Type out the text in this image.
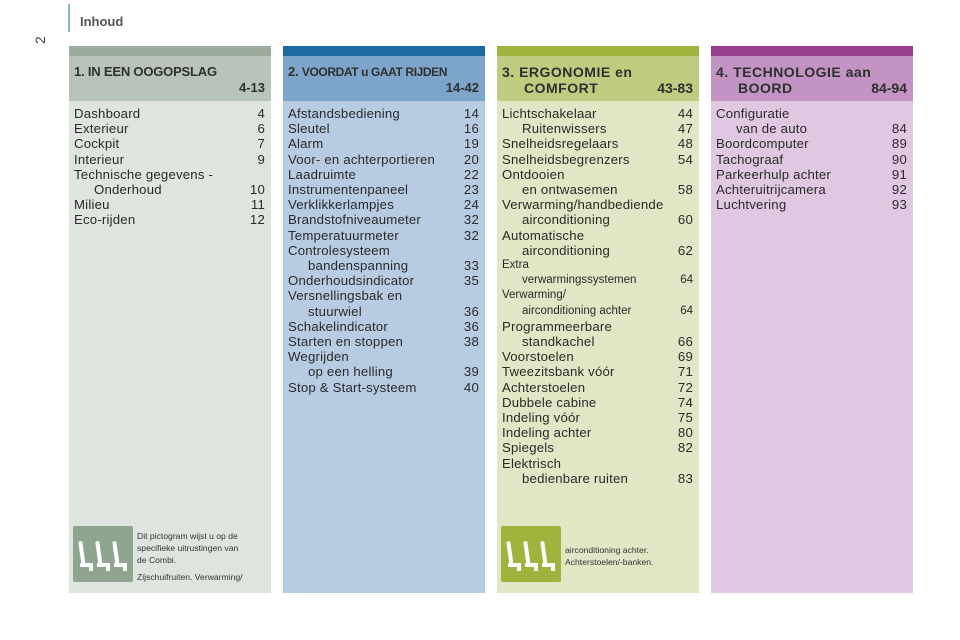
2
Inhoud
1. IN EEN OOGOPSLAG
4-13
Dashboard	4
Exterieur	6
Cockpit	7
Interieur	9
Technische gegevens -
Onderhoud	10
Milieu	11
Eco-rijden	12
Dit pictogram wijst u op de
specifieke uitrustingen van
de Combi.
Zijschuifruiten. Verwarming/
2. VOORDAT u GAAT RIJDEN
14-42
Afstandsbediening	14
Sleutel	16
Alarm	19
Voor- en achterportieren 20
Laadruimte	22
Instrumentenpaneel	23
Verklikkerlampjes	24
Brandstofniveaumeter	32
Temperatuurmeter	32
Controlesysteem
bandenspanning	33
Onderhoudsindicator	35
Versnellingsbak en
stuurwiel	36
Schakelindicator	36
Starten en stoppen	38
Wegrijden
op een helling	39
Stop & Start-systeem	40
3. ERGONOMIE en
COMFORT	43-83
Lichtschakelaar	44
Ruitenwissers	47
Snelheidsregelaars	48
Snelheidsbegrenzers	54
Ontdooien
en ontwasemen	58
Verwarming/handbediende
airconditioning	60
Automatische
airconditioning	62
Extra
verwarmingssystemen	64
Verwarming/
airconditioning achter	64
Programmeerbare
standkachel	66
Voorstoelen	69
Tweezitsbank vóór	71
Achterstoelen	72
Dubbele cabine	74
Indeling vóór	75
Indeling achter	80
Spiegels	82
Elektrisch
bedienbare ruiten	83
airconditioning achter.
Achterstoelen/-banken.
4. TECHNOLOGIE aan
BOORD	84-94
Configuratie
van de auto	84
Boordcomputer	89
Tachograaf	90
Parkeerhulp achter	91
Achteruitrijcamera	92
Luchtvering	93
